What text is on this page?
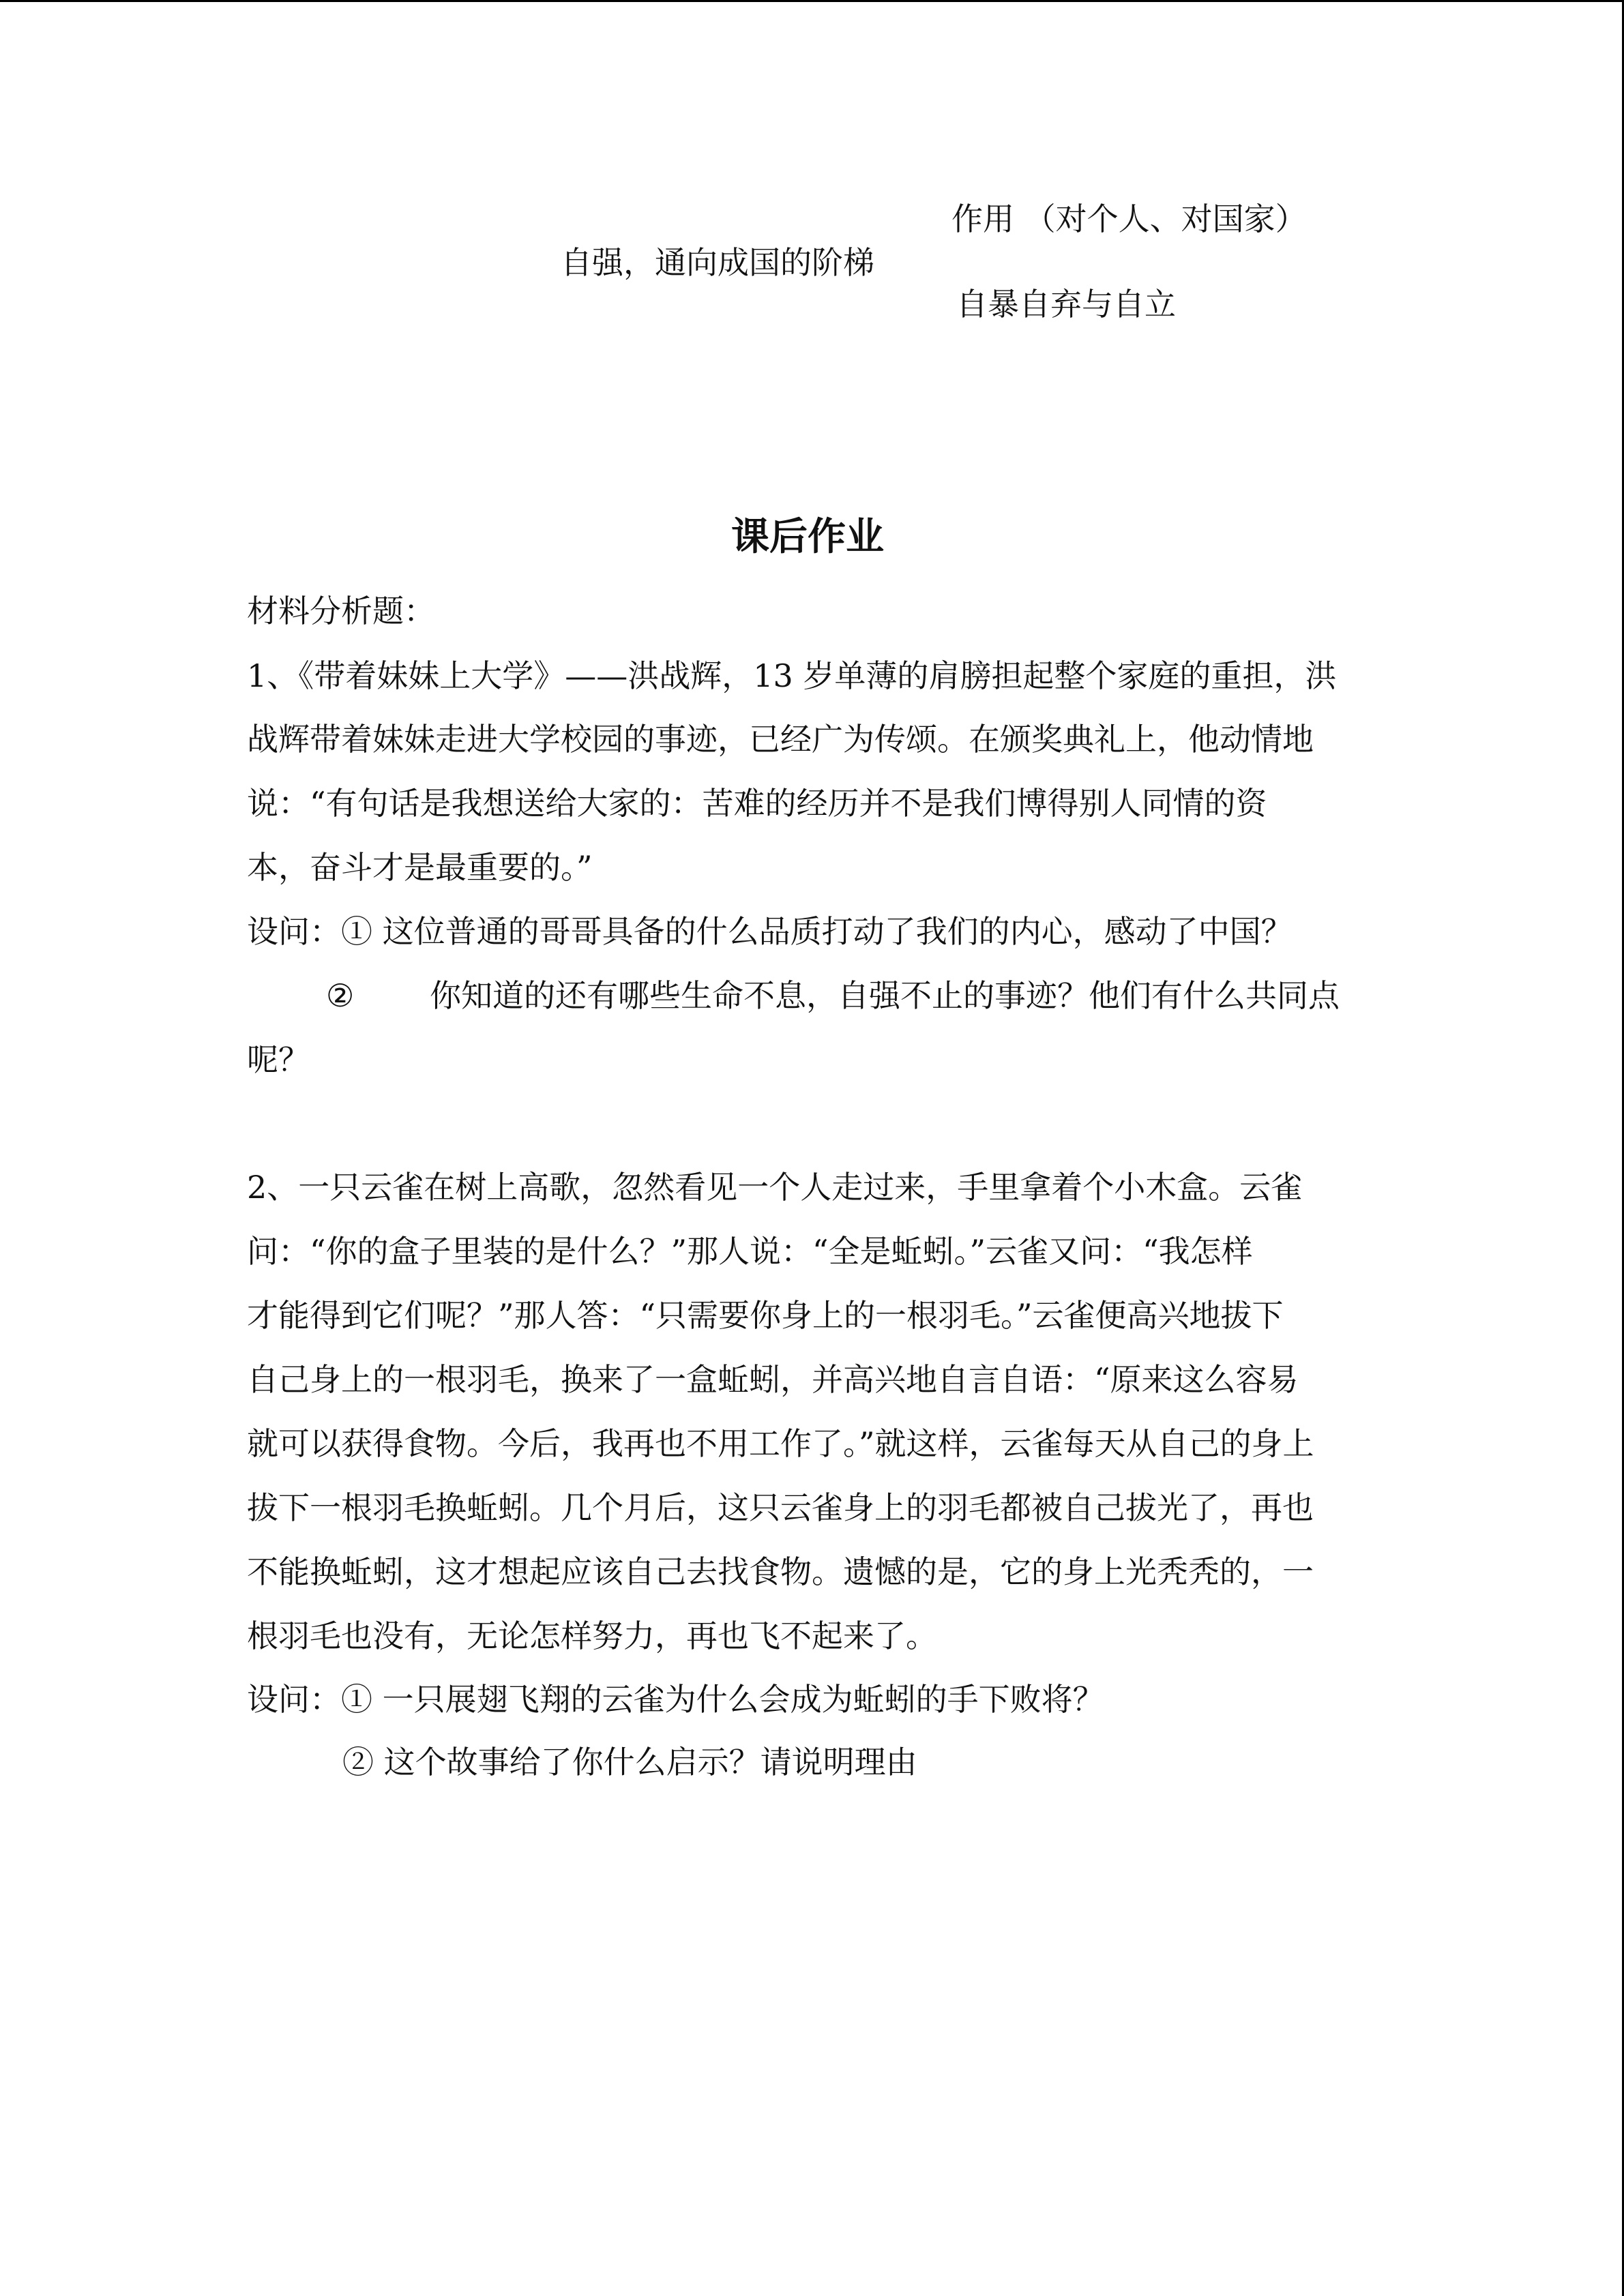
作用 （对个人、对国家）
自强，通向成国的阶梯
自暴自弃与自立
课后作业
材料分析题：
1、《带着妹妹上大学》——洪战辉，13 岁单薄的肩膀担起整个家庭的重担，洪
战辉带着妹妹走进大学校园的事迹，已经广为传颂。在颁奖典礼上，他动情地
说：“有句话是我想送给大家的：苦难的经历并不是我们博得别人同情的资
本，奋斗才是最重要的。”
设问：① 这位普通的哥哥具备的什么品质打动了我们的内心，感动了中国？
② 你知道的还有哪些生命不息，自强不止的事迹？他们有什么共同点
呢？
2、一只云雀在树上高歌，忽然看见一个人走过来，手里拿着个小木盒。云雀
问：“你的盒子里装的是什么？”那人说：“全是蚯蚓。”云雀又问：“我怎样
才能得到它们呢？”那人答：“只需要你身上的一根羽毛。”云雀便高兴地拔下
自己身上的一根羽毛，换来了一盒蚯蚓，并高兴地自言自语：“原来这么容易
就可以获得食物。今后，我再也不用工作了。”就这样，云雀每天从自己的身上
拔下一根羽毛换蚯蚓。几个月后，这只云雀身上的羽毛都被自己拔光了，再也
不能换蚯蚓，这才想起应该自己去找食物。遗憾的是，它的身上光秃秃的，一
根羽毛也没有，无论怎样努力，再也飞不起来了。
设问：① 一只展翅飞翔的云雀为什么会成为蚯蚓的手下败将？
② 这个故事给了你什么启示？请说明理由
